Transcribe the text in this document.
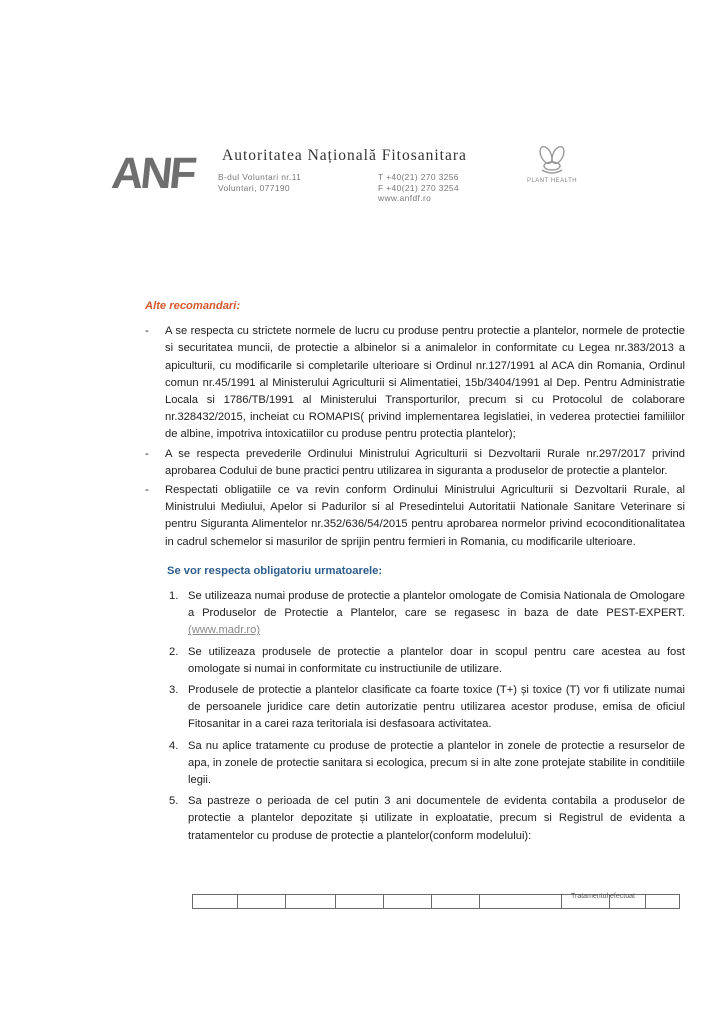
ANF Autoritatea Națională Fitosanitara
B-dul Voluntari nr.11
Voluntari, 077190
T +40(21) 270 3256
F +40(21) 270 3254
www.anfdf.ro
PLANT HEALTH
Alte recomandari:
- A se respecta cu strictete normele de lucru cu produse pentru protectie a plantelor, normele de protectie si securitatea muncii, de protectie a albinelor si a animalelor in conformitate cu Legea nr.383/2013 a apiculturii, cu modificarile si completarile ulterioare si Ordinul nr.127/1991 al ACA din Romania, Ordinul comun nr.45/1991 al Ministerului Agriculturii si Alimentatiei, 15b/3404/1991 al Dep. Pentru Administratie Locala si 1786/TB/1991 al Ministerului Transporturilor, precum si cu Protocolul de colaborare nr.328432/2015, incheiat cu ROMAPIS( privind implementarea legislatiei, in vederea protectiei familiilor de albine, impotriva intoxicatiilor cu produse pentru protectia plantelor);
- A se respecta prevederile Ordinului Ministrului Agriculturii si Dezvoltarii Rurale nr.297/2017 privind aprobarea Codului de bune practici pentru utilizarea in siguranta a produselor de protectie a plantelor.
- Respectati obligatiile ce va revin conform Ordinului Ministrului Agriculturii si Dezvoltarii Rurale, al Ministrului Mediului, Apelor si Padurilor si al Presedintelui Autoritatii Nationale Sanitare Veterinare si pentru Siguranta Alimentelor nr.352/636/54/2015 pentru aprobarea normelor privind ecoconditionalitatea in cadrul schemelor si masurilor de sprijin pentru fermieri in Romania, cu modificarile ulterioare.
Se vor respecta obligatoriu urmatoarele:
1. Se utilizeaza numai produse de protectie a plantelor omologate de Comisia Nationala de Omologare a Produselor de Protectie a Plantelor, care se regasesc in baza de date PEST-EXPERT.(www.madr.ro)
2. Se utilizeaza produsele de protectie a plantelor doar in scopul pentru care acestea au fost omologate si numai in conformitate cu instructiunile de utilizare.
3. Produsele de protectie a plantelor clasificate ca foarte toxice (T+) și toxice (T) vor fi utilizate numai de persoanele juridice care detin autorizatie pentru utilizarea acestor produse, emisa de oficiul Fitosanitar in a carei raza teritoriala isi desfasoara activitatea.
4. Sa nu aplice tratamente cu produse de protectie a plantelor in zonele de protectie a resurselor de apa, in zonele de protectie sanitara si ecologica, precum si in alte zone protejate stabilite in conditiile legii.
5. Sa pastreze o perioada de cel putin 3 ani documentele de evidenta contabila a produselor de protectie a plantelor depozitate și utilizate in exploatatie, precum si Registrul de evidenta a tratamentelor cu produse de protectie a plantelor(conform modelului):
Tratamentul efectuat
